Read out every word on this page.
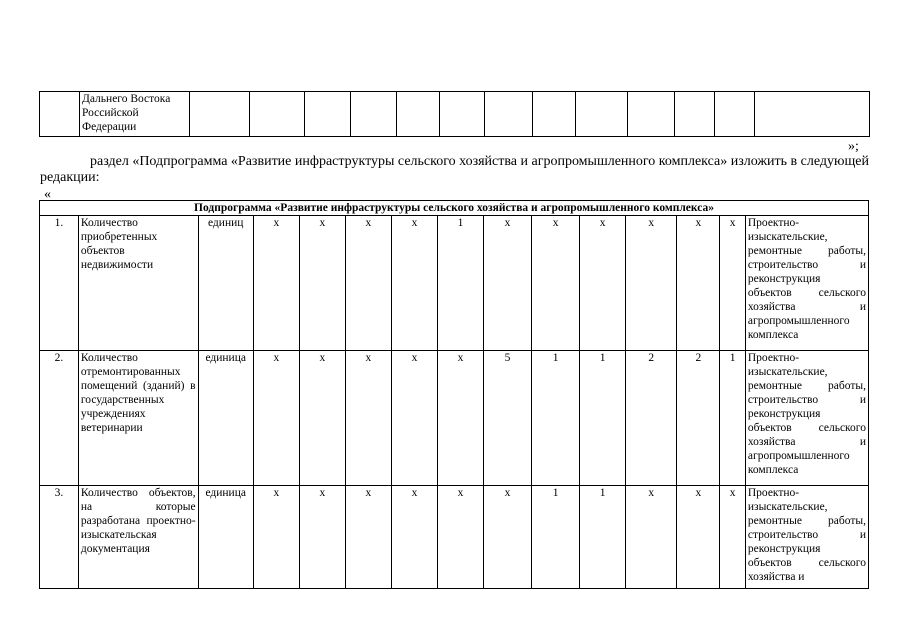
	Дальнего Востока Российской Федерации													
»;
раздел «Подпрограмма «Развитие инфраструктуры сельского хозяйства и агропромышленного комплекса» изложить в следующей редакции:
«
Подпрограмма «Развитие инфраструктуры сельского хозяйства и агропромышленного комплекса»														
1.	Количество приобретенных объектов недвижимости	единиц	х	х	х	х	1	х	х	х	х	х	х	Проектно-изыскательские, ремонтные работы, строительство и реконструкция объектов сельского хозяйства и агропромышленного комплекса
2.	Количество отремонтированных помещений (зданий) в государственных учреждениях ветеринарии	единица	х	х	х	х	х	5	1	1	2	2	1	Проектно-изыскательские, ремонтные работы, строительство и реконструкция объектов сельского хозяйства и агропромышленного комплекса
3.	Количество объектов, на которые разработана проектно-изыскательская документация	единица	х	х	х	х	х	х	1	1	х	х	х	Проектно-изыскательские, ремонтные работы, строительство и реконструкция объектов сельского хозяйства и
